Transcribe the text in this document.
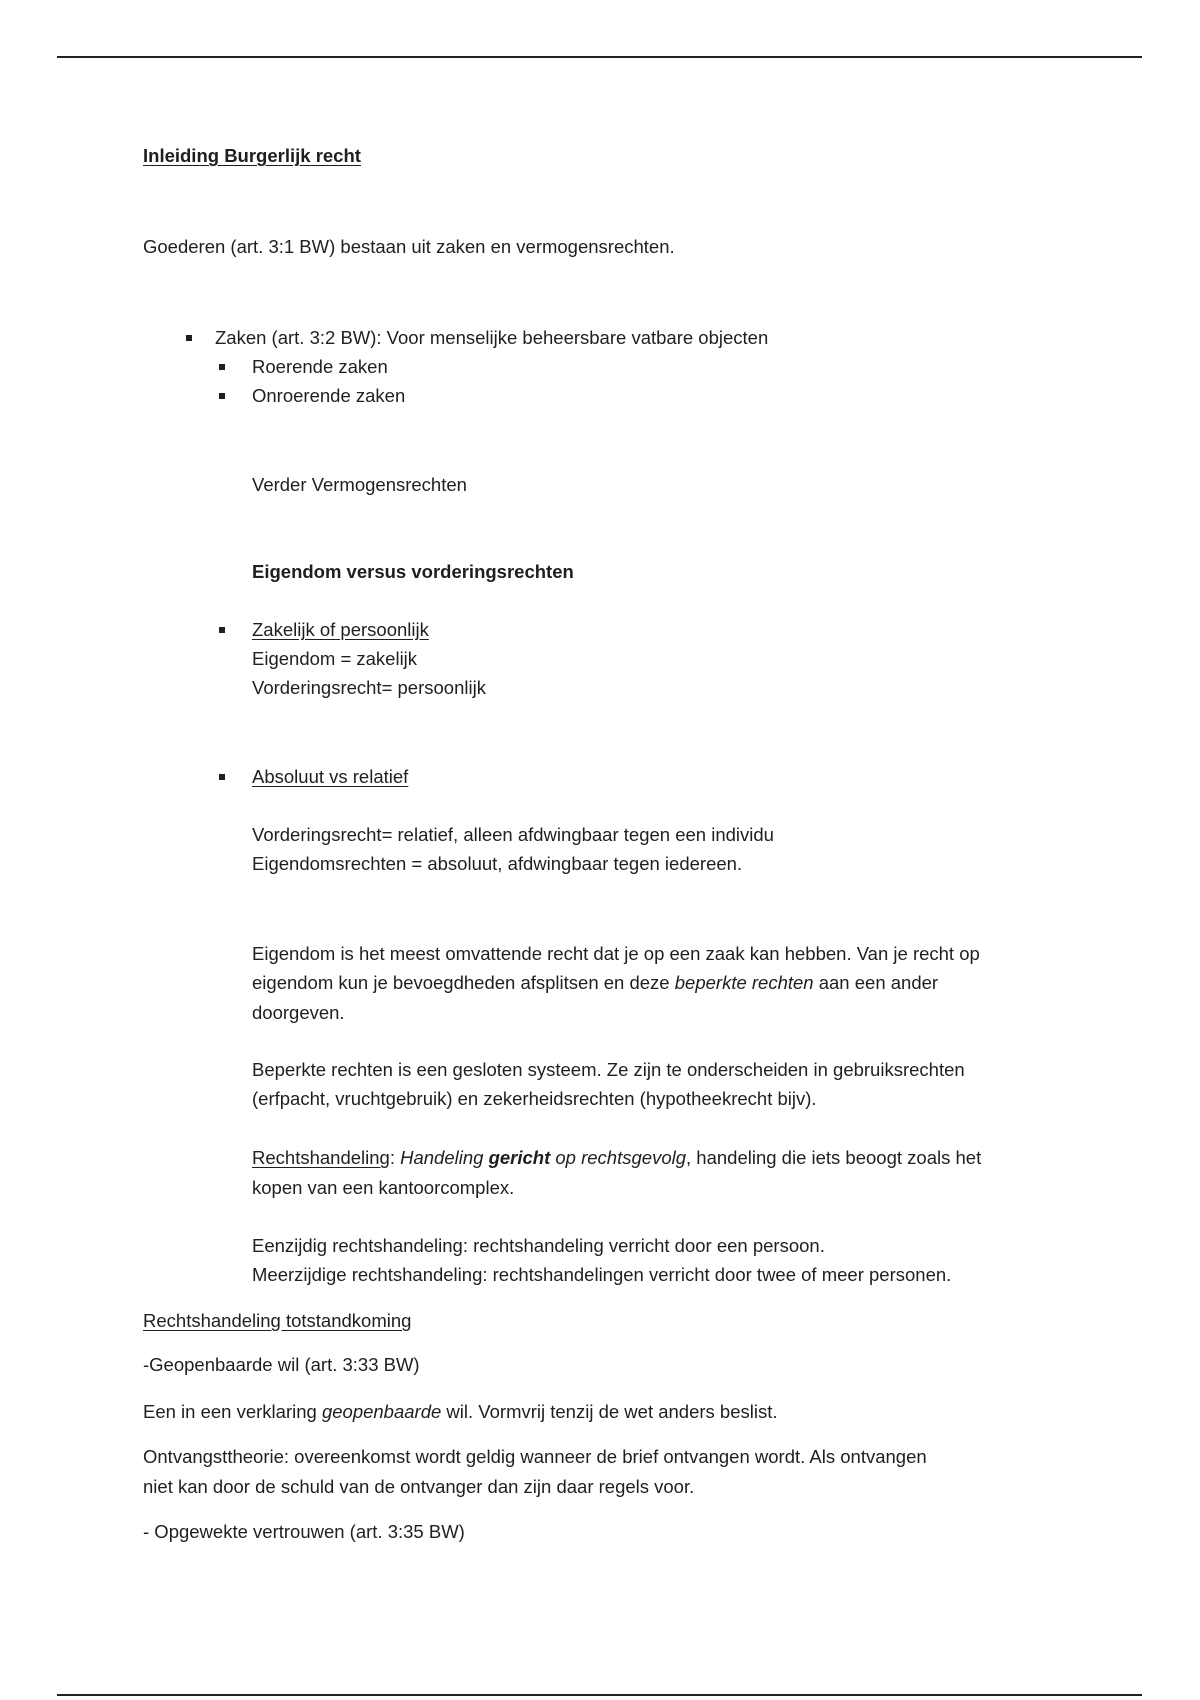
Inleiding Burgerlijk recht
Goederen (art. 3:1 BW) bestaan uit zaken en vermogensrechten.
Zaken (art. 3:2 BW): Voor menselijke beheersbare vatbare objecten
Roerende zaken
Onroerende zaken
Verder Vermogensrechten
Eigendom versus vorderingsrechten
Zakelijk of persoonlijk
Eigendom = zakelijk
Vorderingsrecht= persoonlijk
Absoluut vs relatief
Vorderingsrecht= relatief, alleen afdwingbaar tegen een individu
Eigendomsrechten = absoluut, afdwingbaar tegen iedereen.
Eigendom is het meest omvattende recht dat je op een zaak kan hebben. Van je recht op
eigendom kun je bevoegdheden afsplitsen en deze beperkte rechten aan een ander
doorgeven.
Beperkte rechten is een gesloten systeem. Ze zijn te onderscheiden in gebruiksrechten
(erfpacht, vruchtgebruik) en zekerheidsrechten (hypotheekrecht bijv).
Rechtshandeling: Handeling gericht op rechtsgevolg, handeling die iets beoogt zoals het
kopen van een kantoorcomplex.
Eenzijdig rechtshandeling: rechtshandeling verricht door een persoon.
Meerzijdige rechtshandeling: rechtshandelingen verricht door twee of meer personen.
Rechtshandeling totstandkoming
-Geopenbaarde wil (art. 3:33 BW)
Een in een verklaring geopenbaarde wil. Vormvrij tenzij de wet anders beslist.
Ontvangsttheorie: overeenkomst wordt geldig wanneer de brief ontvangen wordt. Als ontvangen
niet kan door de schuld van de ontvanger dan zijn daar regels voor.
- Opgewekte vertrouwen (art. 3:35 BW)
